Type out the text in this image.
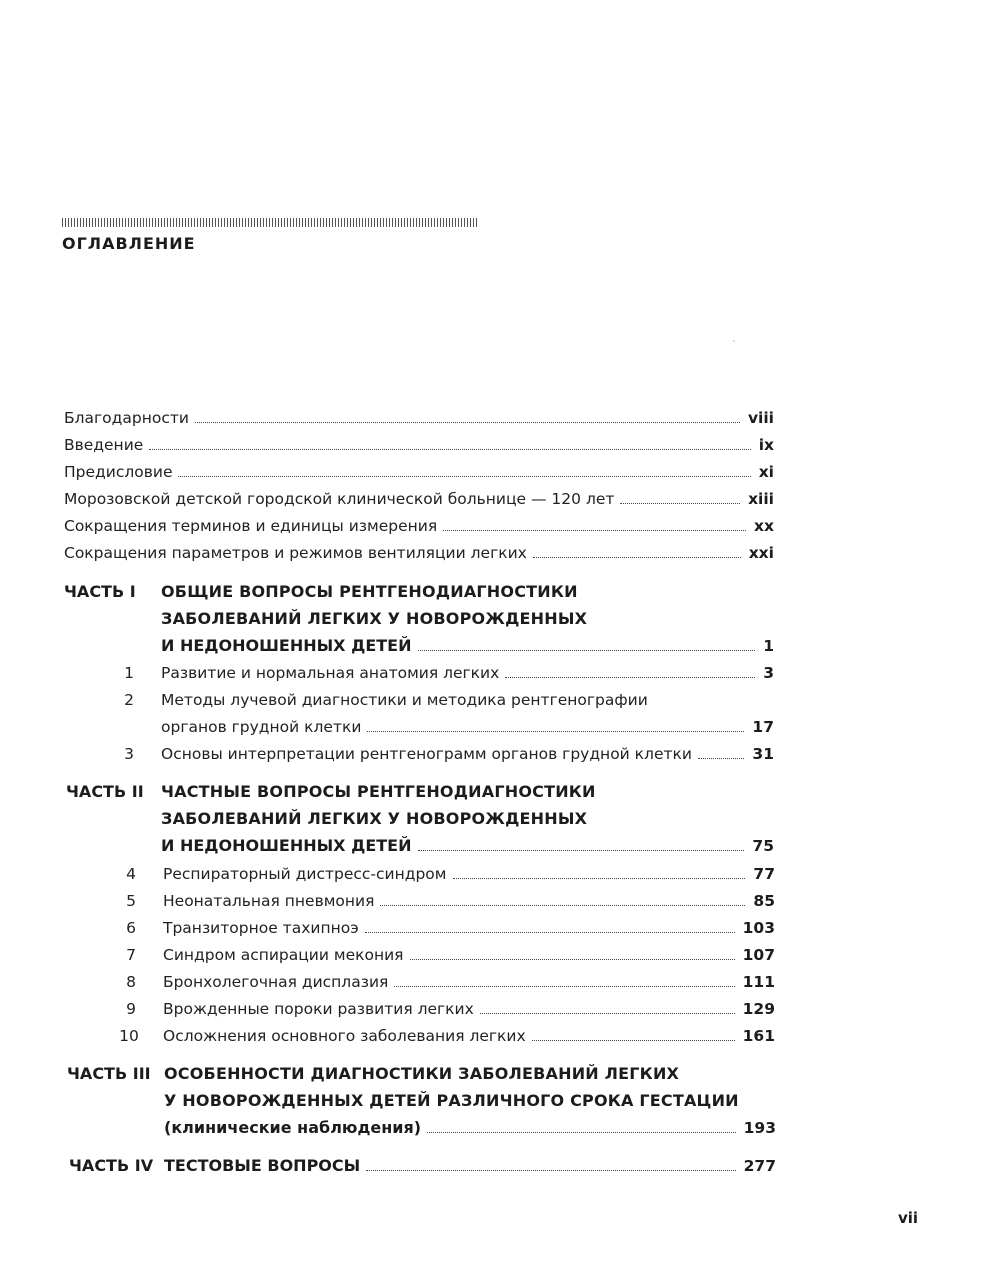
ОГЛАВЛЕНИЕ
Благодарности	viii
Введение	ix
Предисловие	xi
Морозовской детской городской клинической больнице — 120 лет	xiii
Сокращения терминов и единицы измерения	xx
Сокращения параметров и режимов вентиляции легких	xxi
ЧАСТЬ I ОБЩИЕ ВОПРОСЫ РЕНТГЕНОДИАГНОСТИКИ
ЗАБОЛЕВАНИЙ ЛЕГКИХ У НОВОРОЖДЕННЫХ
И НЕДОНОШЕННЫХ ДЕТЕЙ	1
1	Развитие и нормальная анатомия легких	3
2	Методы лучевой диагностики и методика рентгенографии
органов грудной клетки	17
3	Основы интерпретации рентгенограмм органов грудной клетки	31
ЧАСТЬ II ЧАСТНЫЕ ВОПРОСЫ РЕНТГЕНОДИАГНОСТИКИ
ЗАБОЛЕВАНИЙ ЛЕГКИХ У НОВОРОЖДЕННЫХ
И НЕДОНОШЕННЫХ ДЕТЕЙ	75
4	Респираторный дистресс-синдром	77
5	Неонатальная пневмония	85
6	Транзиторное тахипноэ	103
7	Синдром аспирации мекония	107
8	Бронхолегочная дисплазия	111
9	Врожденные пороки развития легких	129
10	Осложнения основного заболевания легких	161
ЧАСТЬ III ОСОБЕННОСТИ ДИАГНОСТИКИ ЗАБОЛЕВАНИЙ ЛЕГКИХ
У НОВОРОЖДЕННЫХ ДЕТЕЙ РАЗЛИЧНОГО СРОКА ГЕСТАЦИИ
(клинические наблюдения)	193
ЧАСТЬ IV ТЕСТОВЫЕ ВОПРОСЫ	277
vii
